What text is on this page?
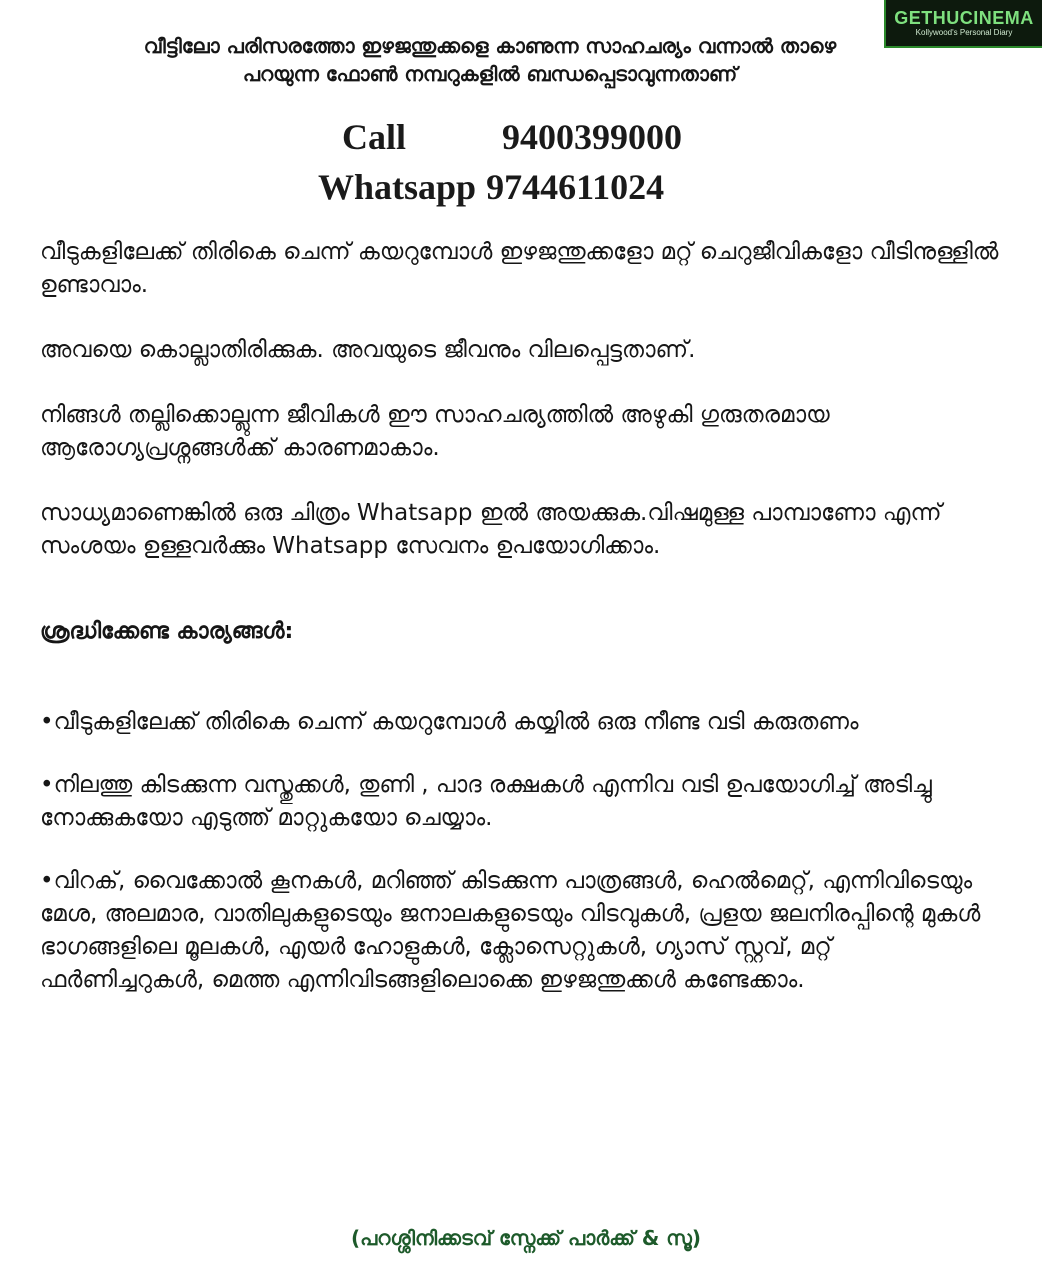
GETHUCINEMA
Kollywood's Personal Diary

വീട്ടിലോ പരിസരത്തോ ഇഴജന്തുക്കളെ കാണുന്ന സാഹചര്യം വന്നാൽ താഴെ

പറയുന്ന ഫോൺ നമ്പറുകളിൽ ബന്ധപ്പെടാവുന്നതാണ്

Call	9400399000
Whatsapp 9744611024

വീടുകളിലേക്ക് തിരികെ ചെന്ന് കയറുമ്പോൾ ഇഴജന്തുക്കളോ മറ്റ് ചെറുജീവികളോ വീടിനുള്ളിൽ ഉണ്ടാവാം.

അവയെ കൊല്ലാതിരിക്കുക. അവയുടെ ജീവനും വിലപ്പെട്ടതാണ്.

നിങ്ങൾ തല്ലിക്കൊല്ലുന്ന ജീവികൾ ഈ സാഹചര്യത്തിൽ അഴുകി ഗുരുതരമായ ആരോഗ്യപ്രശ്നങ്ങൾക്ക് കാരണമാകാം.

സാധ്യമാണെങ്കിൽ ഒരു ചിത്രം Whatsapp ഇൽ അയക്കുക.വിഷമുള്ള പാമ്പാണോ എന്ന് സംശയം ഉള്ളവർക്കും Whatsapp സേവനം ഉപയോഗിക്കാം.

ശ്രദ്ധിക്കേണ്ട കാര്യങ്ങൾ:

•വീടുകളിലേക്ക് തിരികെ ചെന്ന് കയറുമ്പോൾ കയ്യിൽ ഒരു നീണ്ട വടി കരുതണം

•നിലത്തു കിടക്കുന്ന വസ്തുക്കൾ, തുണി , പാദ രക്ഷകൾ എന്നിവ വടി ഉപയോഗിച്ച് അടിച്ചു നോക്കുകയോ എടുത്ത് മാറ്റുകയോ ചെയ്യാം.

•വിറക്, വൈക്കോൽ കൂനകൾ, മറിഞ്ഞ് കിടക്കുന്ന പാത്രങ്ങൾ, ഹെൽമെറ്റ്, എന്നിവിടെയും മേശ, അലമാര, വാതിലുകളുടെയും ജനാലകളുടെയും വിടവുകൾ, പ്രളയ ജലനിരപ്പിന്റെ മുകൾ ഭാഗങ്ങളിലെ മൂലകൾ, എയർ ഹോളുകൾ, ക്ലോസെറ്റുകൾ, ഗ്യാസ് സ്റ്റവ്, മറ്റ് ഫർണിച്ചറുകൾ, മെത്ത എന്നിവിടങ്ങളിലൊക്കെ ഇഴജന്തുക്കൾ കണ്ടേക്കാം.

(പറശ്ശിനിക്കടവ് സ്നേക്ക് പാർക്ക് & സൂ)
